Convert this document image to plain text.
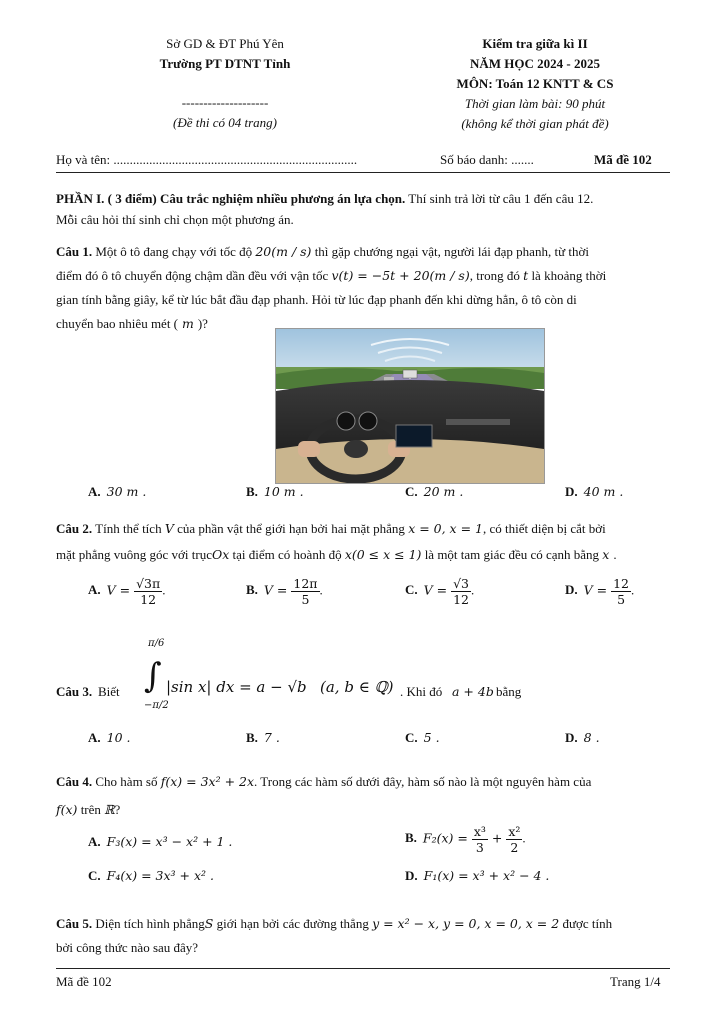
Sở GD & ĐT Phú Yên
Trường PT DTNT Tỉnh
--------------------
(Đề thi có 04 trang)
Kiểm tra giữa kì II
NĂM HỌC 2024 - 2025
MÔN: Toán 12 KNTT & CS
Thời gian làm bài: 90 phút
(không kể thời gian phát đề)
Họ và tên: ...........................................................................	Số báo danh: .......	Mã đề 102
PHẦN I. ( 3 điểm) Câu trắc nghiệm nhiều phương án lựa chọn. Thí sinh trả lời từ câu 1 đến câu 12.
Mỗi câu hỏi thí sinh chỉ chọn một phương án.
Câu 1. Một ô tô đang chạy với tốc độ 20(m / s) thì gặp chướng ngại vật, người lái đạp phanh, từ thời
điểm đó ô tô chuyển động chậm dần đều với vận tốc v(t) = −5t + 20(m / s), trong đó t là khoảng thời
gian tính bằng giây, kể từ lúc bắt đầu đạp phanh. Hỏi từ lúc đạp phanh đến khi dừng hẳn, ô tô còn di
chuyển bao nhiêu mét ( m )?
A. 30 m .	B. 10 m .	C. 20 m .	D. 40 m .
Câu 2. Tính thể tích V của phần vật thể giới hạn bởi hai mặt phẳng x = 0, x = 1, có thiết diện bị cắt bởi
mặt phẳng vuông góc với trụcOx tại điểm có hoành độ x(0 ≤ x ≤ 1) là một tam giác đều có cạnh bằng x .
A. $V = \frac{√3\pi}{12}$ .	B. $V = \frac{12\pi}{5}$ .	C. $V = \frac{√3}{12}$ .	D. $V = \frac{12}{5}$ .
Câu 3. Biết
π/6
∫
−π/2
|sin x| dx = a − √b (a, b ∈ ℚ) . Khi đó a + 4b bằng
A. 10 .	B. 7 .	C. 5 .	D. 8 .
Câu 4. Cho hàm số f(x) = 3x² + 2x. Trong các hàm số dưới đây, hàm số nào là một nguyên hàm của
f(x) trên ℝ?
A. F₃(x) = x³ − x² + 1 .	B. $F_2(x) = \frac{\text{x³}}{3} + \frac{\text{x²}}{2}$ .
C. F₄(x) = 3x³ + x² .	D. F₁(x) = x³ + x² − 4 .
Câu 5. Diện tích hình phẳngS giới hạn bởi các đường thẳng y = x² − x, y = 0, x = 0, x = 2 được tính
bởi công thức nào sau đây?
Mã đề 102	Trang 1/4
